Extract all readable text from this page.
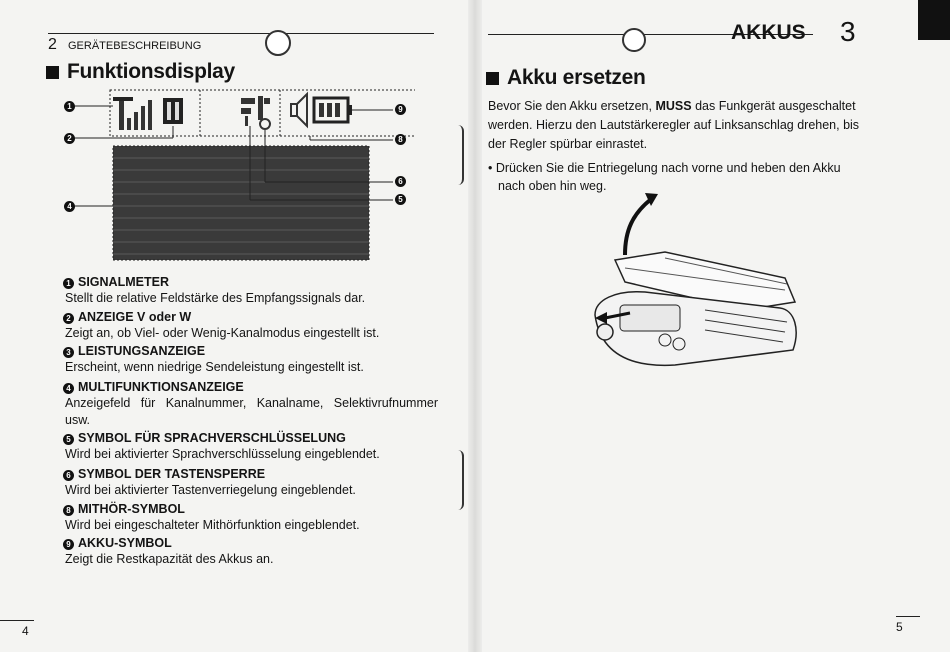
2 GERÄTEBESCHREIBUNG
Funktionsdisplay
1
2
4
9
8
6
5
1 SIGNALMETER
Stellt die relative Feldstärke des Empfangssignals dar.
2 ANZEIGE V oder W
Zeigt an, ob Viel- oder Wenig-Kanalmodus eingestellt ist.
3 LEISTUNGSANZEIGE
Erscheint, wenn niedrige Sendeleistung eingestellt ist.
4 MULTIFUNKTIONSANZEIGE
Anzeigefeld für Kanalnummer, Kanalname, Selektivrufnummer usw.
5 SYMBOL FÜR SPRACHVERSCHLÜSSELUNG
Wird bei aktivierter Sprachverschlüsselung eingeblendet.
6 SYMBOL DER TASTENSPERRE
Wird bei aktivierter Tastenverriegelung eingeblendet.
8 MITHÖR-SYMBOL
Wird bei eingeschalteter Mithörfunktion eingeblendet.
9 AKKU-SYMBOL
Zeigt die Restkapazität des Akkus an.
4
AKKUS 3
Akku ersetzen
Bevor Sie den Akku ersetzen, MUSS das Funkgerät ausgeschaltet
werden. Hierzu den Lautstärkeregler auf Linksanschlag drehen, bis
der Regler spürbar einrastet.
• Drücken Sie die Entriegelung nach vorne und heben den Akku
nach oben hin weg.
5
